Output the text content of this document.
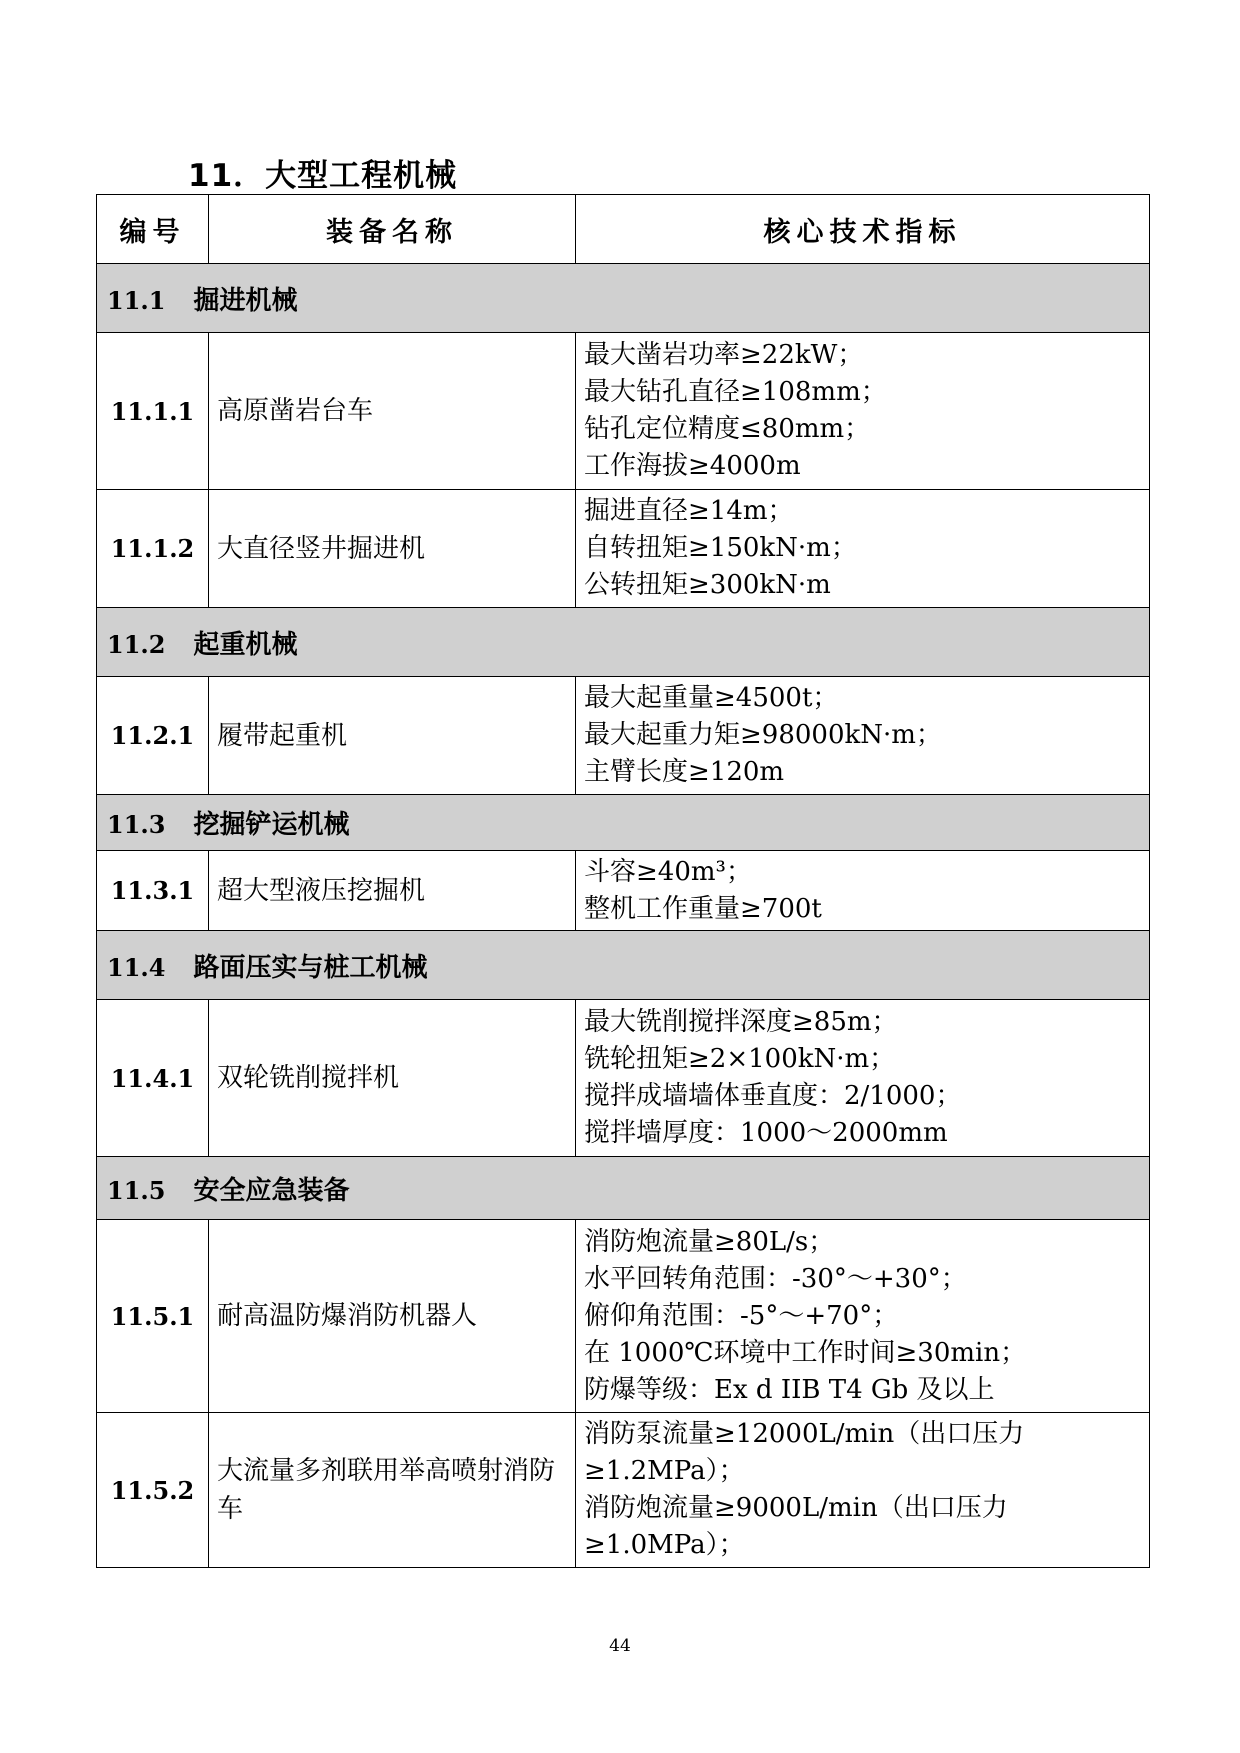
11．大型工程机械
编号	装备名称	核心技术指标
11.1 掘进机械		
11.1.1	高原凿岩台车	最大凿岩功率≥22kW；
最大钻孔直径≥108mm；
钻孔定位精度≤80mm；
工作海拔≥4000m

11.1.2	大直径竖井掘进机	掘进直径≥14m；
自转扭矩≥150kN·m；
公转扭矩≥300kN·m

11.2 起重机械		
11.2.1	履带起重机	最大起重量≥4500t；
最大起重力矩≥98000kN·m；
主臂长度≥120m

11.3 挖掘铲运机械		
11.3.1	超大型液压挖掘机	斗容≥40m³；
整机工作重量≥700t

11.4 路面压实与桩工机械		
11.4.1	双轮铣削搅拌机	最大铣削搅拌深度≥85m；
铣轮扭矩≥2×100kN·m；
搅拌成墙墙体垂直度：2/1000；
搅拌墙厚度：1000～2000mm

11.5 安全应急装备		
11.5.1	耐高温防爆消防机器人	消防炮流量≥80L/s；
水平回转角范围：-30°～+30°；
俯仰角范围：-5°～+70°；
在 1000℃环境中工作时间≥30min；
防爆等级：Ex d IIB T4 Gb 及以上

11.5.2	大流量多剂联用举高喷射消防车	消防泵流量≥12000L/min（出口压力≥1.2MPa）；
消防炮流量≥9000L/min（出口压力≥1.0MPa）；
44
